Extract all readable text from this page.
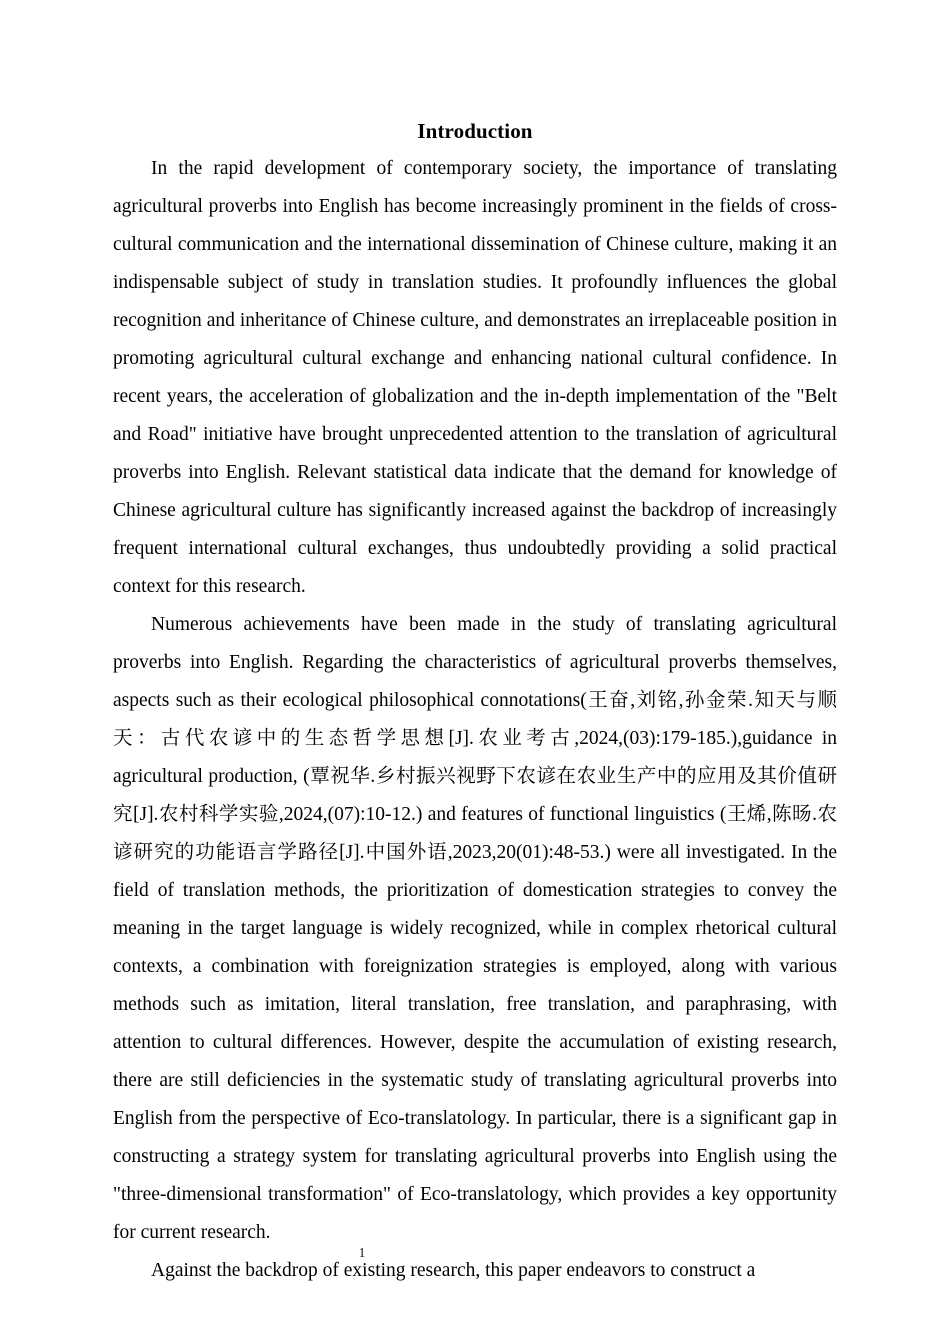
Introduction

In the rapid development of contemporary society, the importance of translating agricultural proverbs into English has become increasingly prominent in the fields of cross-cultural communication and the international dissemination of Chinese culture, making it an indispensable subject of study in translation studies. It profoundly influences the global recognition and inheritance of Chinese culture, and demonstrates an irreplaceable position in promoting agricultural cultural exchange and enhancing national cultural confidence. In recent years, the acceleration of globalization and the in-depth implementation of the "Belt and Road" initiative have brought unprecedented attention to the translation of agricultural proverbs into English. Relevant statistical data indicate that the demand for knowledge of Chinese agricultural culture has significantly increased against the backdrop of increasingly frequent international cultural exchanges, thus undoubtedly providing a solid practical context for this research.

Numerous achievements have been made in the study of translating agricultural proverbs into English. Regarding the characteristics of agricultural proverbs themselves, aspects such as their ecological philosophical connotations(王奋,刘铭,孙金荣.知天与顺天：古代农谚中的生态哲学思想[J].农业考古,2024,(03):179-185.),guidance in agricultural production, (覃祝华.乡村振兴视野下农谚在农业生产中的应用及其价值研究[J].农村科学实验,2024,(07):10-12.) and features of functional linguistics (王烯,陈旸.农谚研究的功能语言学路径[J].中国外语,2023,20(01):48-53.) were all investigated. In the field of translation methods, the prioritization of domestication strategies to convey the meaning in the target language is widely recognized, while in complex rhetorical cultural contexts, a combination with foreignization strategies is employed, along with various methods such as imitation, literal translation, free translation, and paraphrasing, with attention to cultural differences. However, despite the accumulation of existing research, there are still deficiencies in the systematic study of translating agricultural proverbs into English from the perspective of Eco-translatology. In particular, there is a significant gap in constructing a strategy system for translating agricultural proverbs into English using the "three-dimensional transformation" of Eco-translatology, which provides a key opportunity for current research.

Against the backdrop of existing research, this paper endeavors to construct a

1
